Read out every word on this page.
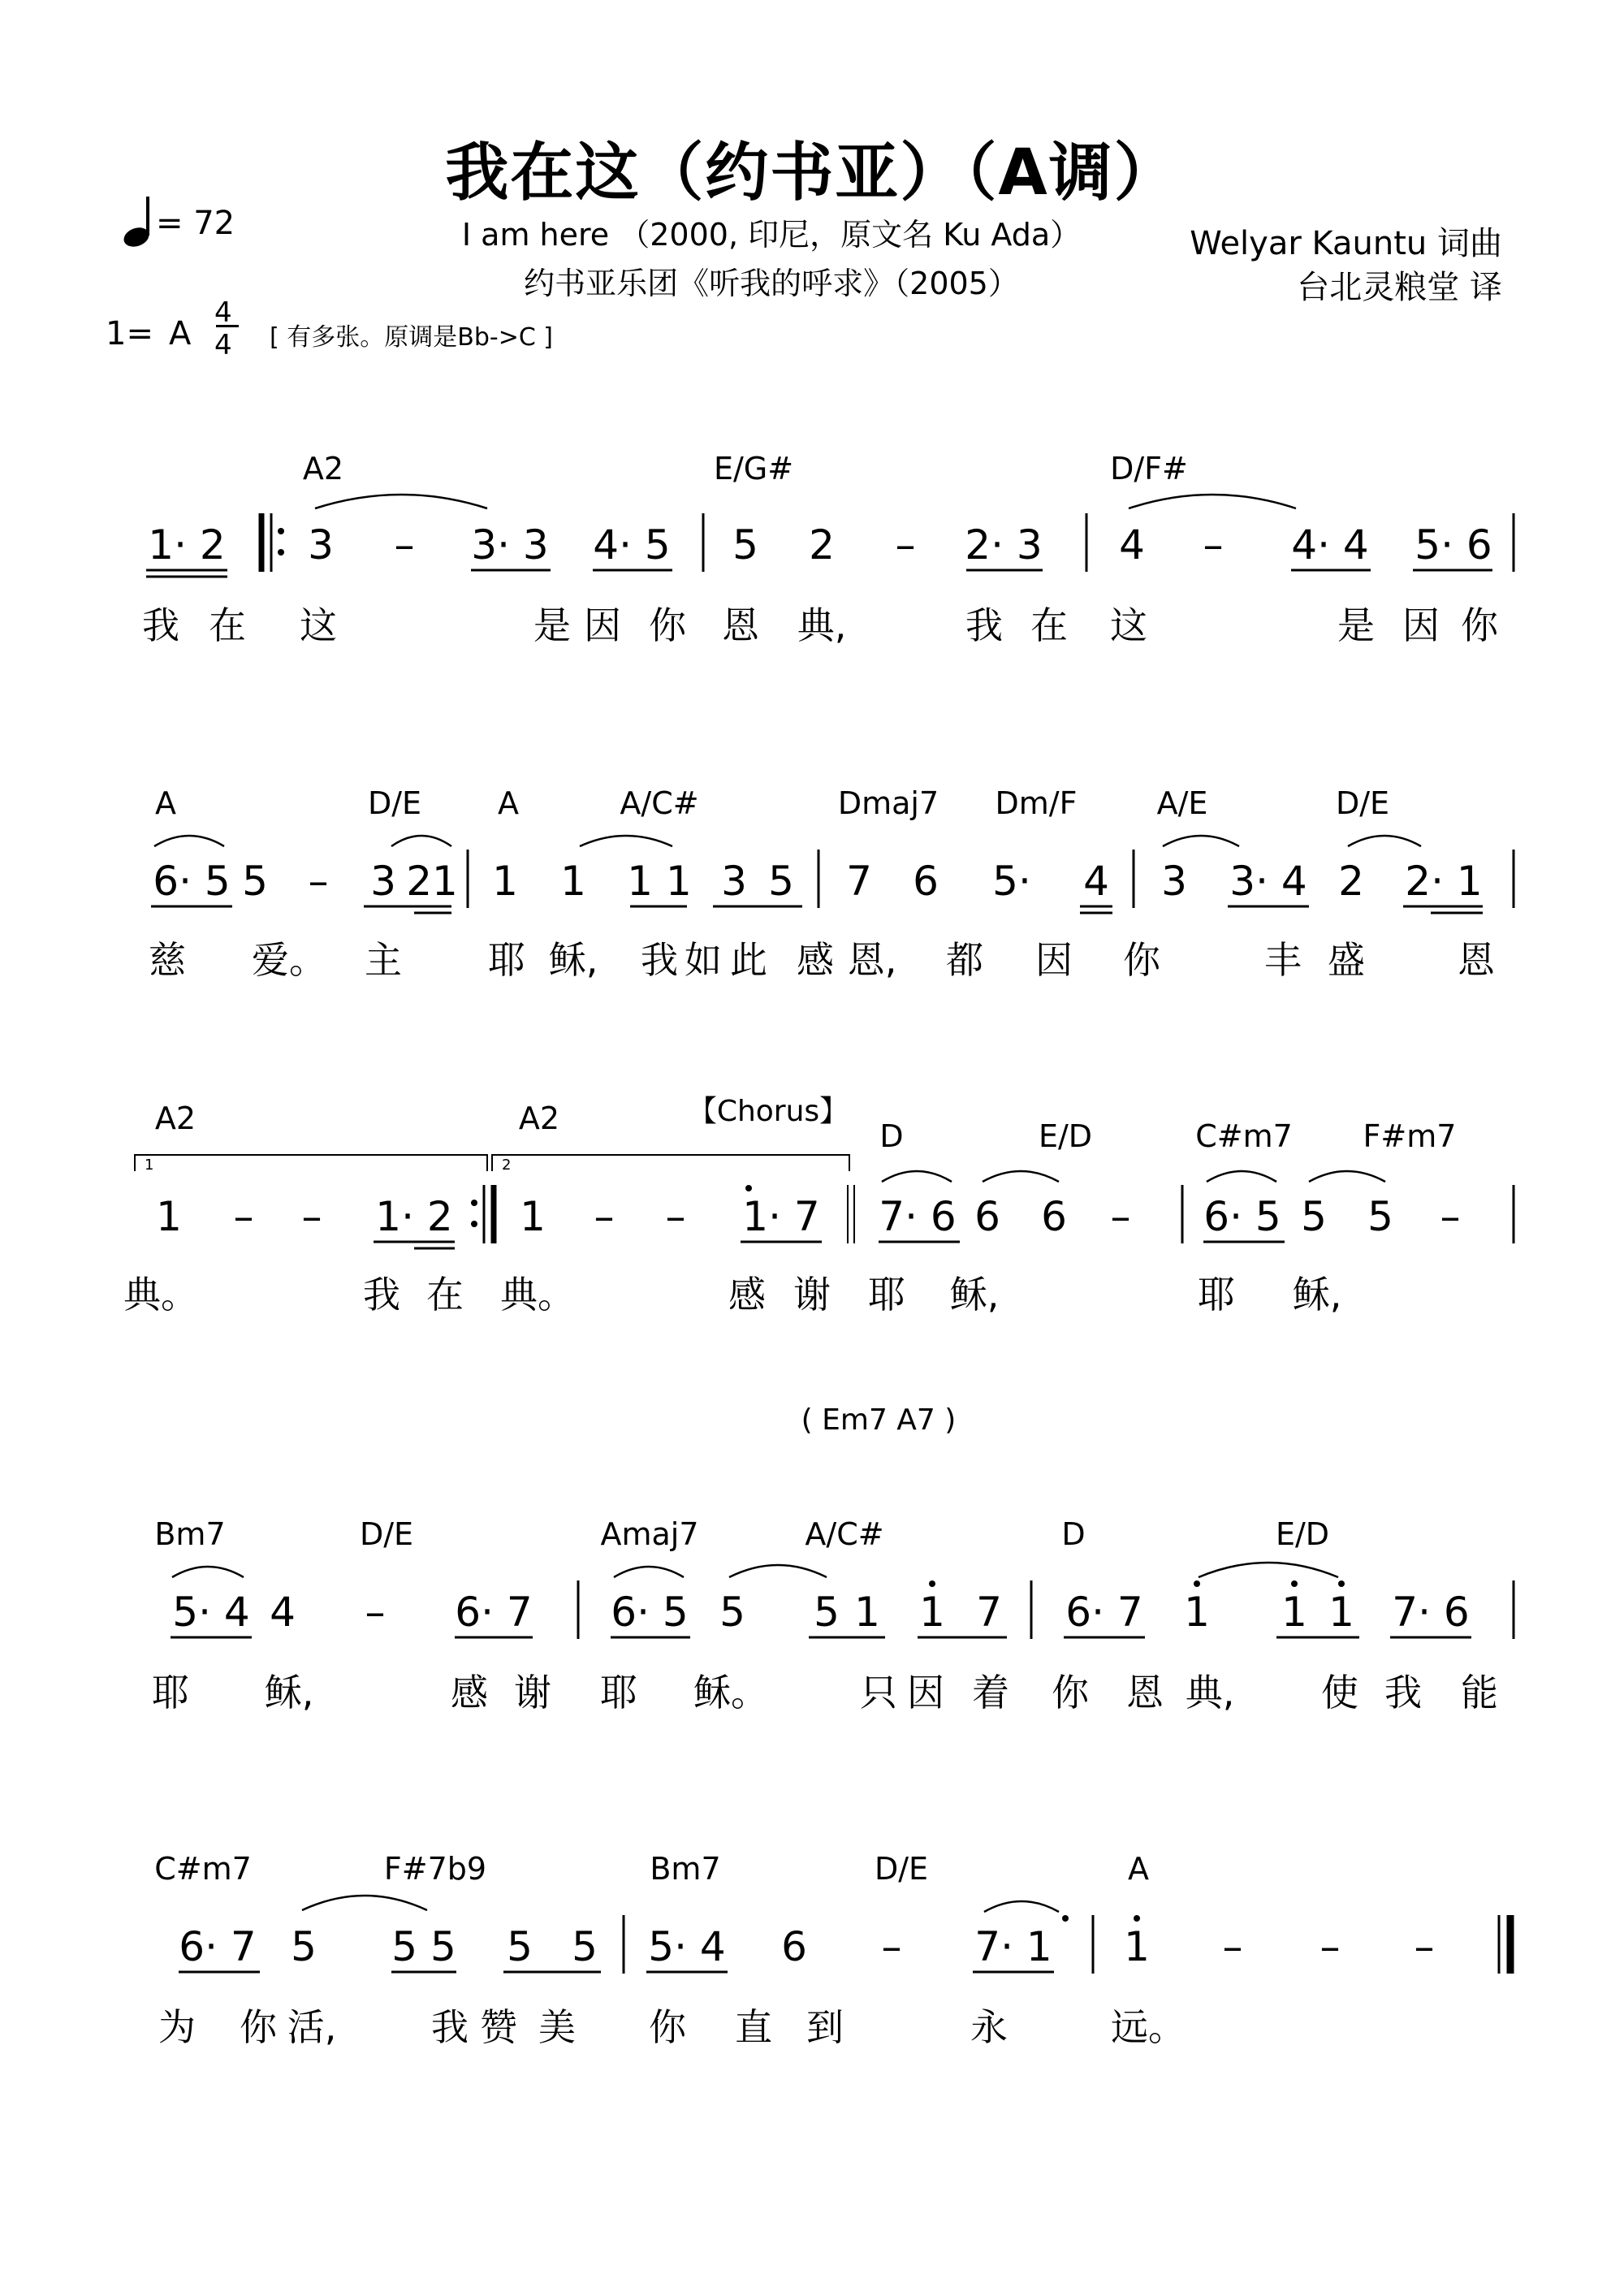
我在这（约书亚）（A调）
I am here （2000, 印尼，原文名 Ku Ada）
约书亚乐团《听我的呼求》（2005）
Welyar Kauntu 词曲
台北灵粮堂 译
= 72
1= A
4
4 [ 有多张。原调是Bb->C ]
A2	E/G#	D/F#
1· 2 3 – 3· 3 4· 5 5 2 – 2· 3 4 – 4· 4 5· 6
我 在 这	是 因 你 恩 典,	我 在 这	是 因 你
A	D/E A	A/C#	Dmaj7 Dm/F	A/E	D/E
6· 5 5 – 3 21 1 1 1 1 3 5 7 6 5· 4 3 3· 4 2 2· 1
慈 爱。 主 耶 稣, 我 如 此 感 恩, 都 因 你	丰 盛 恩
A2	A2	D	E/D	C#m7 F#m7
【Chorus】
1	2
1 – – 1· 2 1 – – 1· 7 7· 6 6 6 – 6· 5 5 5 –
典。	我 在 典。	感 谢 耶 稣,	耶 稣,
( Em7 A7 )
Bm7	D/E	Amaj7	A/C#	D	E/D
5· 4 4 – 6· 7 6· 5 5 5 1 1 7 6· 7 1 1 1 7· 6
耶 稣,	感 谢 耶 稣。 只 因 着 你 恩 典, 使 我 能
C#m7	F#7b9	Bm7	D/E	A
6· 7 5 5 5 5 5 5· 4 6 – 7· 1 1 – – –
为 你 活,	我 赞 美 你 直 到	永	远。
